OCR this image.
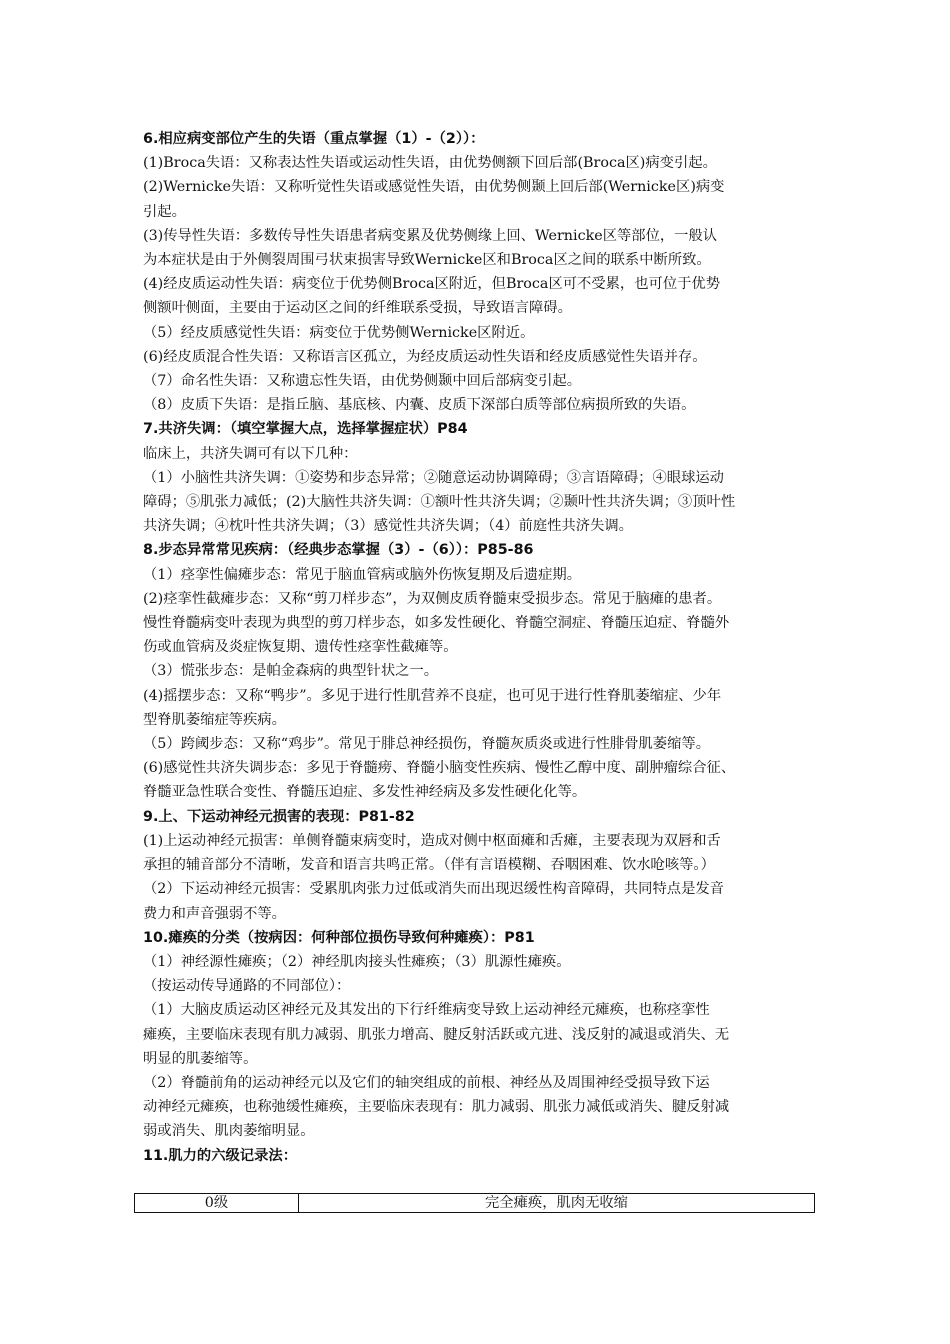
6.相应病变部位产生的失语（重点掌握（1）-（2））：
(1)Broca失语：又称表达性失语或运动性失语，由优势侧额下回后部(Broca区)病变引起。
(2)Wernicke失语：又称听觉性失语或感觉性失语，由优势侧颞上回后部(Wernicke区)病变
引起。
(3)传导性失语：多数传导性失语患者病变累及优势侧缘上回、Wernicke区等部位，一般认
为本症状是由于外侧裂周围弓状束损害导致Wernicke区和Broca区之间的联系中断所致。
(4)经皮质运动性失语：病变位于优势侧Broca区附近，但Broca区可不受累，也可位于优势
侧额叶侧面，主要由于运动区之间的纤维联系受损，导致语言障碍。
（5）经皮质感觉性失语：病变位于优势侧Wernicke区附近。
(6)经皮质混合性失语：又称语言区孤立，为经皮质运动性失语和经皮质感觉性失语并存。
（7）命名性失语：又称遗忘性失语，由优势侧颞中回后部病变引起。
（8）皮质下失语：是指丘脑、基底核、内囊、皮质下深部白质等部位病损所致的失语。
7.共济失调：（填空掌握大点，选择掌握症状）P84
临床上，共济失调可有以下几种：
（1）小脑性共济失调：①姿势和步态异常；②随意运动协调障碍；③言语障碍；④眼球运动
障碍；⑤肌张力减低；(2)大脑性共济失调：①额叶性共济失调；②颞叶性共济失调；③顶叶性
共济失调；④枕叶性共济失调；（3）感觉性共济失调；（4）前庭性共济失调。
8.步态异常常见疾病：（经典步态掌握（3）-（6））：P85-86
（1）痉挛性偏瘫步态：常见于脑血管病或脑外伤恢复期及后遗症期。
(2)痉挛性截瘫步态：又称“剪刀样步态”，为双侧皮质脊髓束受损步态。常见于脑瘫的患者。
慢性脊髓病变叶表现为典型的剪刀样步态，如多发性硬化、脊髓空洞症、脊髓压迫症、脊髓外
伤或血管病及炎症恢复期、遗传性痉挛性截瘫等。
（3）慌张步态：是帕金森病的典型针状之一。
(4)摇摆步态：又称“鸭步”。多见于进行性肌营养不良症，也可见于进行性脊肌萎缩症、少年
型脊肌萎缩症等疾病。
（5）跨阈步态：又称“鸡步”。常见于腓总神经损伤，脊髓灰质炎或进行性腓骨肌萎缩等。
(6)感觉性共济失调步态：多见于脊髓痨、脊髓小脑变性疾病、慢性乙醇中度、副肿瘤综合征、
脊髓亚急性联合变性、脊髓压迫症、多发性神经病及多发性硬化化等。
9.上、下运动神经元损害的表现：P81-82
(1)上运动神经元损害：单侧脊髓束病变时，造成对侧中枢面瘫和舌瘫，主要表现为双唇和舌
承担的辅音部分不清晰，发音和语言共鸣正常。（伴有言语模糊、吞咽困难、饮水呛咳等。）
（2）下运动神经元损害：受累肌肉张力过低或消失而出现迟缓性构音障碍，共同特点是发音
费力和声音强弱不等。
10.瘫痪的分类（按病因：何种部位损伤导致何种瘫痪）：P81
（1）神经源性瘫痪；（2）神经肌肉接头性瘫痪；（3）肌源性瘫痪。
（按运动传导通路的不同部位）：
（1）大脑皮质运动区神经元及其发出的下行纤维病变导致上运动神经元瘫痪，也称痉挛性
瘫痪，主要临床表现有肌力减弱、肌张力增高、腱反射活跃或亢进、浅反射的减退或消失、无
明显的肌萎缩等。
（2）脊髓前角的运动神经元以及它们的轴突组成的前根、神经丛及周围神经受损导致下运
动神经元瘫痪，也称弛缓性瘫痪，主要临床表现有：肌力减弱、肌张力减低或消失、腱反射减
弱或消失、肌肉萎缩明显。
11.肌力的六级记录法：
0级	完全瘫痪，肌肉无收缩
